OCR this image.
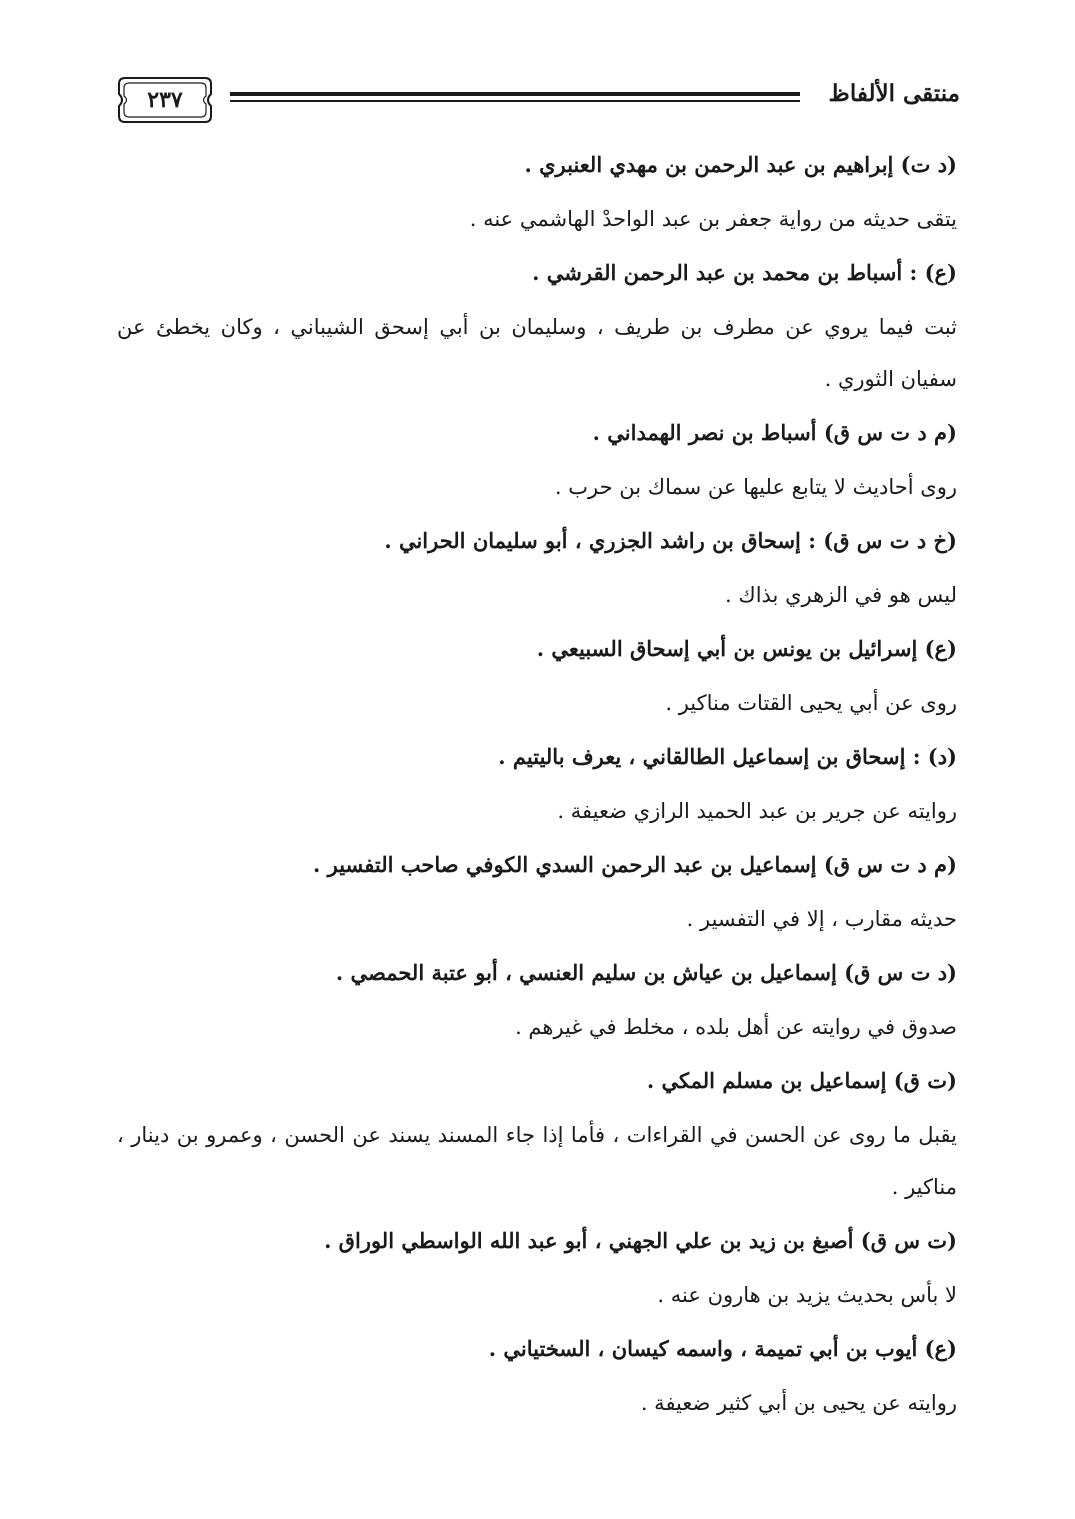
٢٣٧	منتقى الألفاظ
(د ت) إبراهيم بن عبد الرحمن بن مهدي العنبري .
يتقى حديثه من رواية جعفر بن عبد الواحدْ الهاشمي عنه .
(ع) : أسباط بن محمد بن عبد الرحمن القرشي .
ثبت فيما يروي عن مطرف بن طريف ، وسليمان بن أبي إسحق الشيباني ، وكان يخطئ عن
سفيان الثوري .
(م د ت س ق) أسباط بن نصر الهمداني .
روى أحاديث لا يتابع عليها عن سماك بن حرب .
(خ د ت س ق) : إسحاق بن راشد الجزري ، أبو سليمان الحراني .
ليس هو في الزهري بذاك .
(ع) إسرائيل بن يونس بن أبي إسحاق السبيعي .
روى عن أبي يحيى القتات مناكير .
(د) : إسحاق بن إسماعيل الطالقاني ، يعرف باليتيم .
روايته عن جرير بن عبد الحميد الرازي ضعيفة .
(م د ت س ق) إسماعيل بن عبد الرحمن السدي الكوفي صاحب التفسير .
حديثه مقارب ، إلا في التفسير .
(د ت س ق) إسماعيل بن عياش بن سليم العنسي ، أبو عتبة الحمصي .
صدوق في روايته عن أهل بلده ، مخلط في غيرهم .
(ت ق) إسماعيل بن مسلم المكي .
يقبل ما روى عن الحسن في القراءات ، فأما إذا جاء المسند يسند عن الحسن ، وعمرو بن دينار ،
مناكير .
(ت س ق) أصبغ بن زيد بن علي الجهني ، أبو عبد الله الواسطي الوراق .
لا بأس بحديث يزيد بن هارون عنه .
(ع) أيوب بن أبي تميمة ، واسمه كيسان ، السختياني .
روايته عن يحيى بن أبي كثير ضعيفة .
